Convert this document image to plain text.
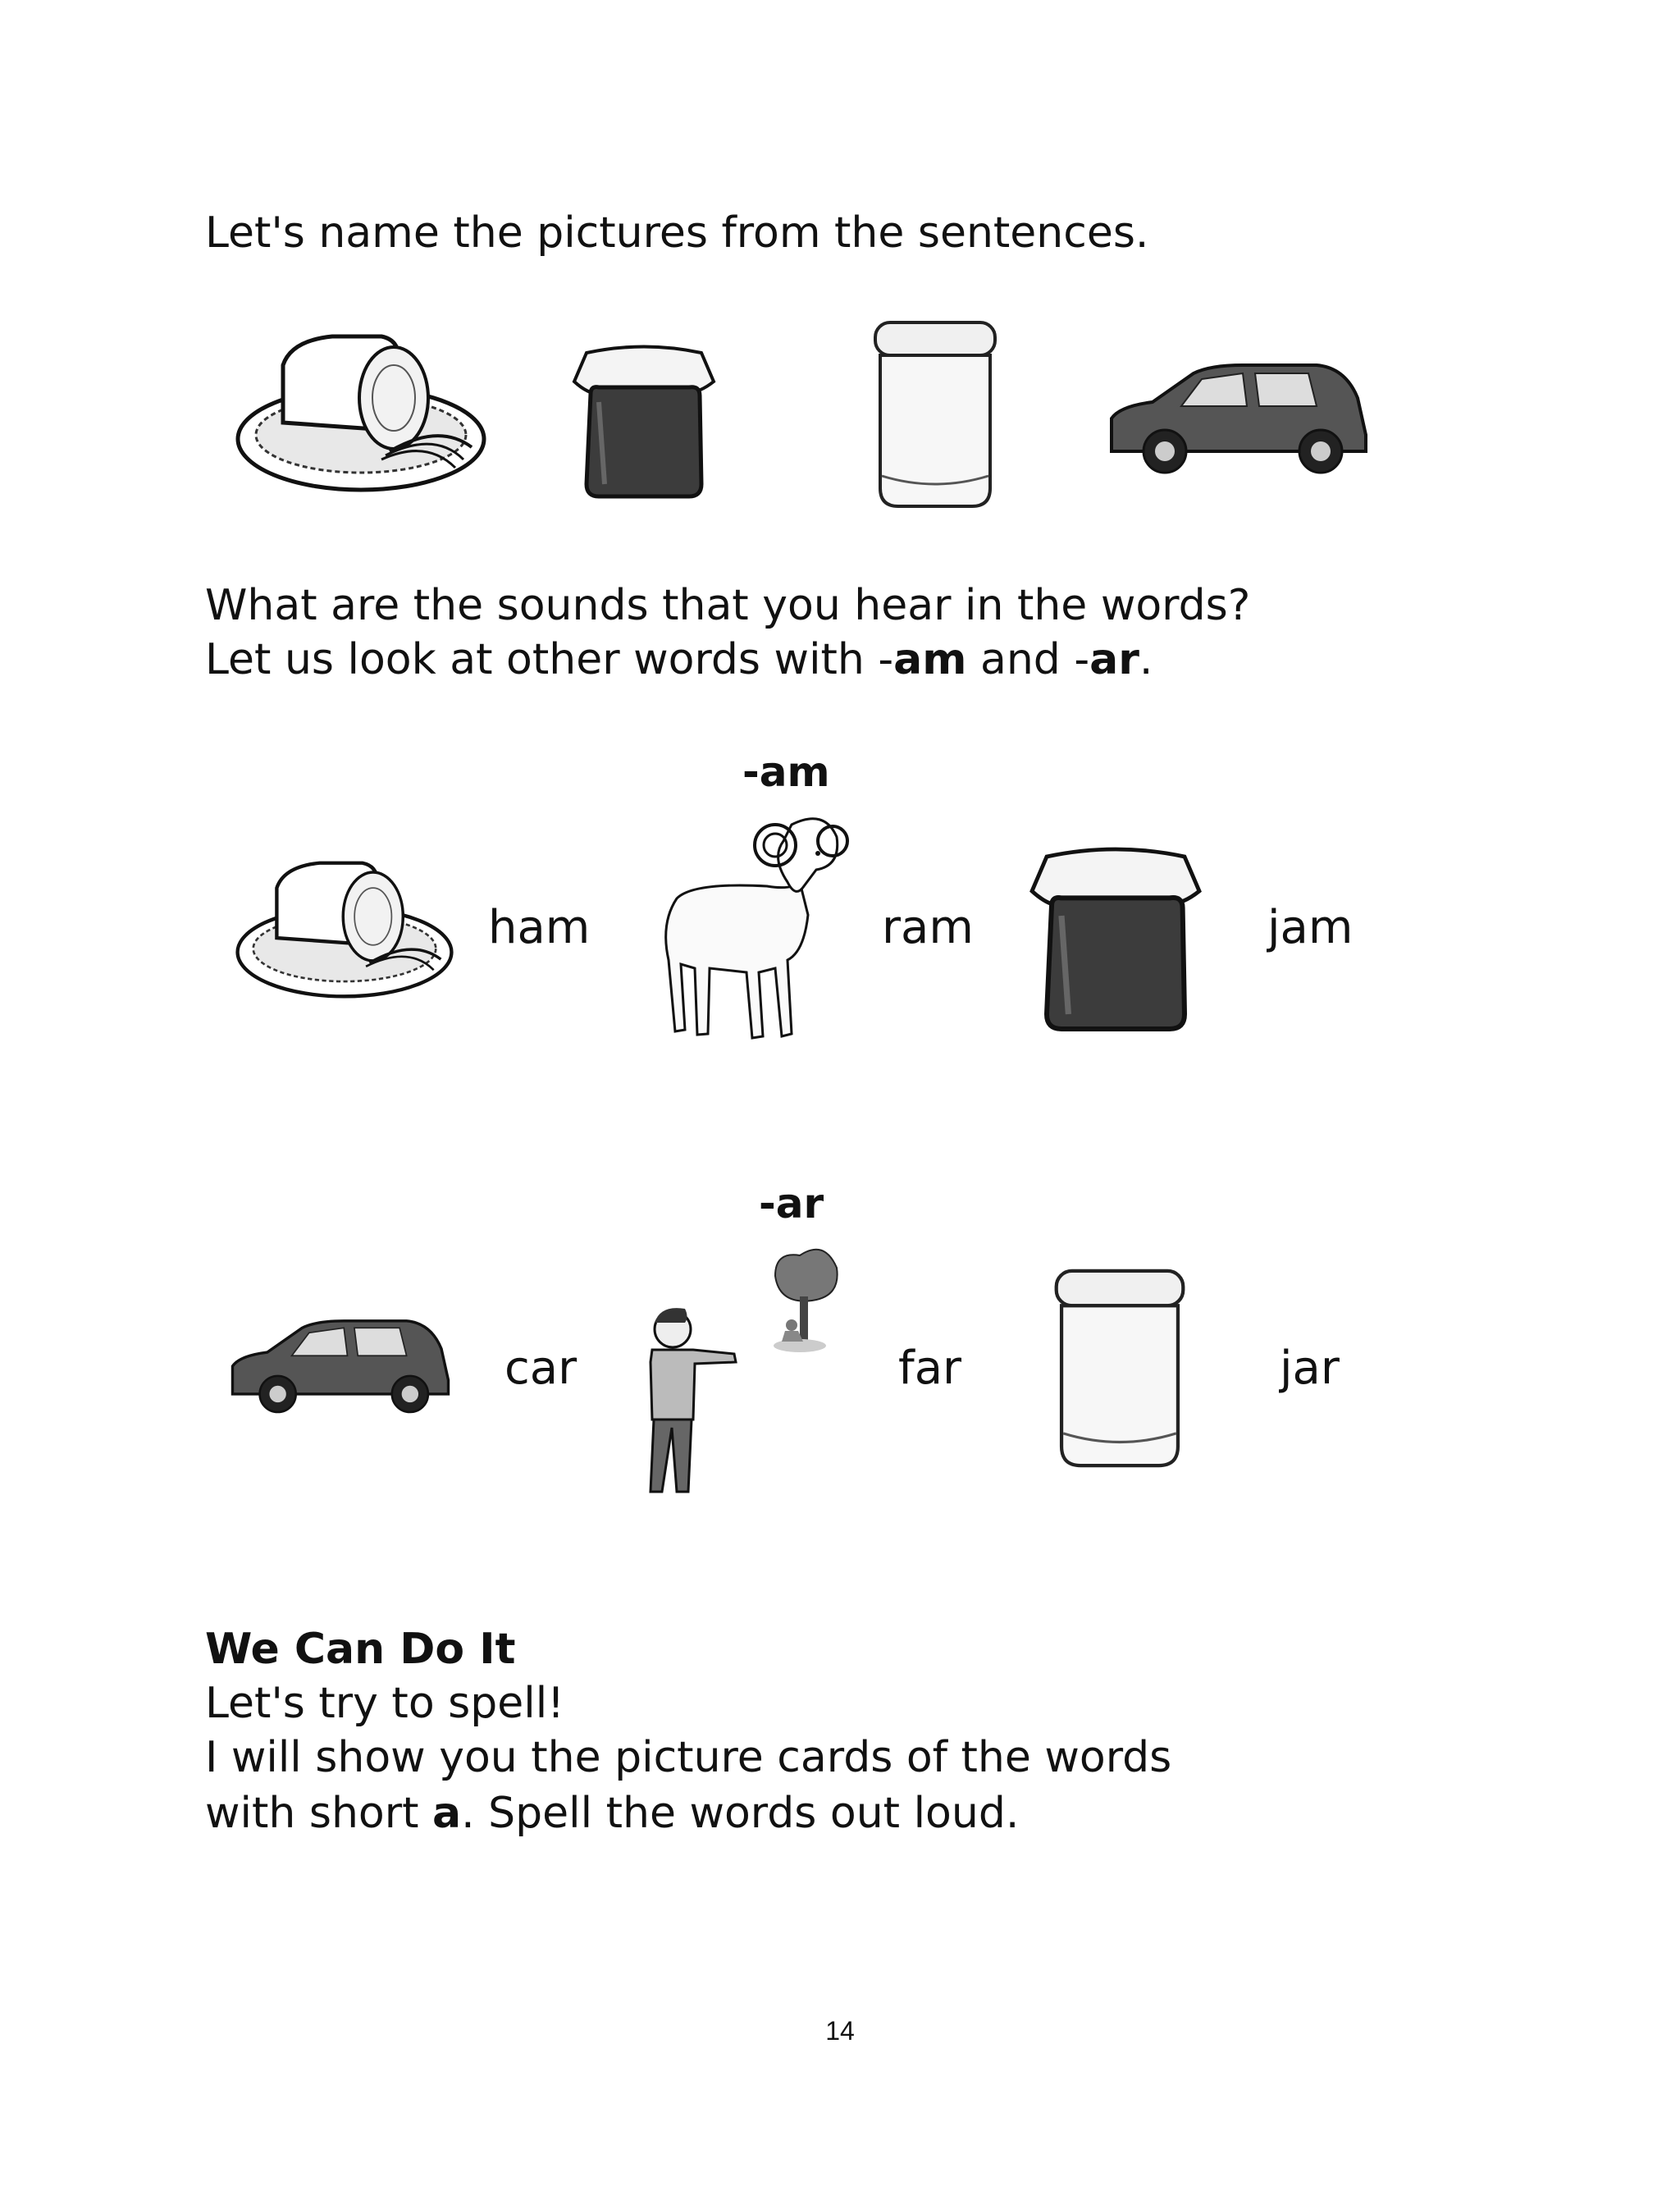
Let's name the pictures from the sentences.
What are the sounds that you hear in the words?
Let us look at other words with -am and -ar.
-am
ham	ram	jam
-ar
car	far	jar
We Can Do It
Let's try to spell!
I will show you the picture cards of the words
with short a. Spell the words out loud.
14
